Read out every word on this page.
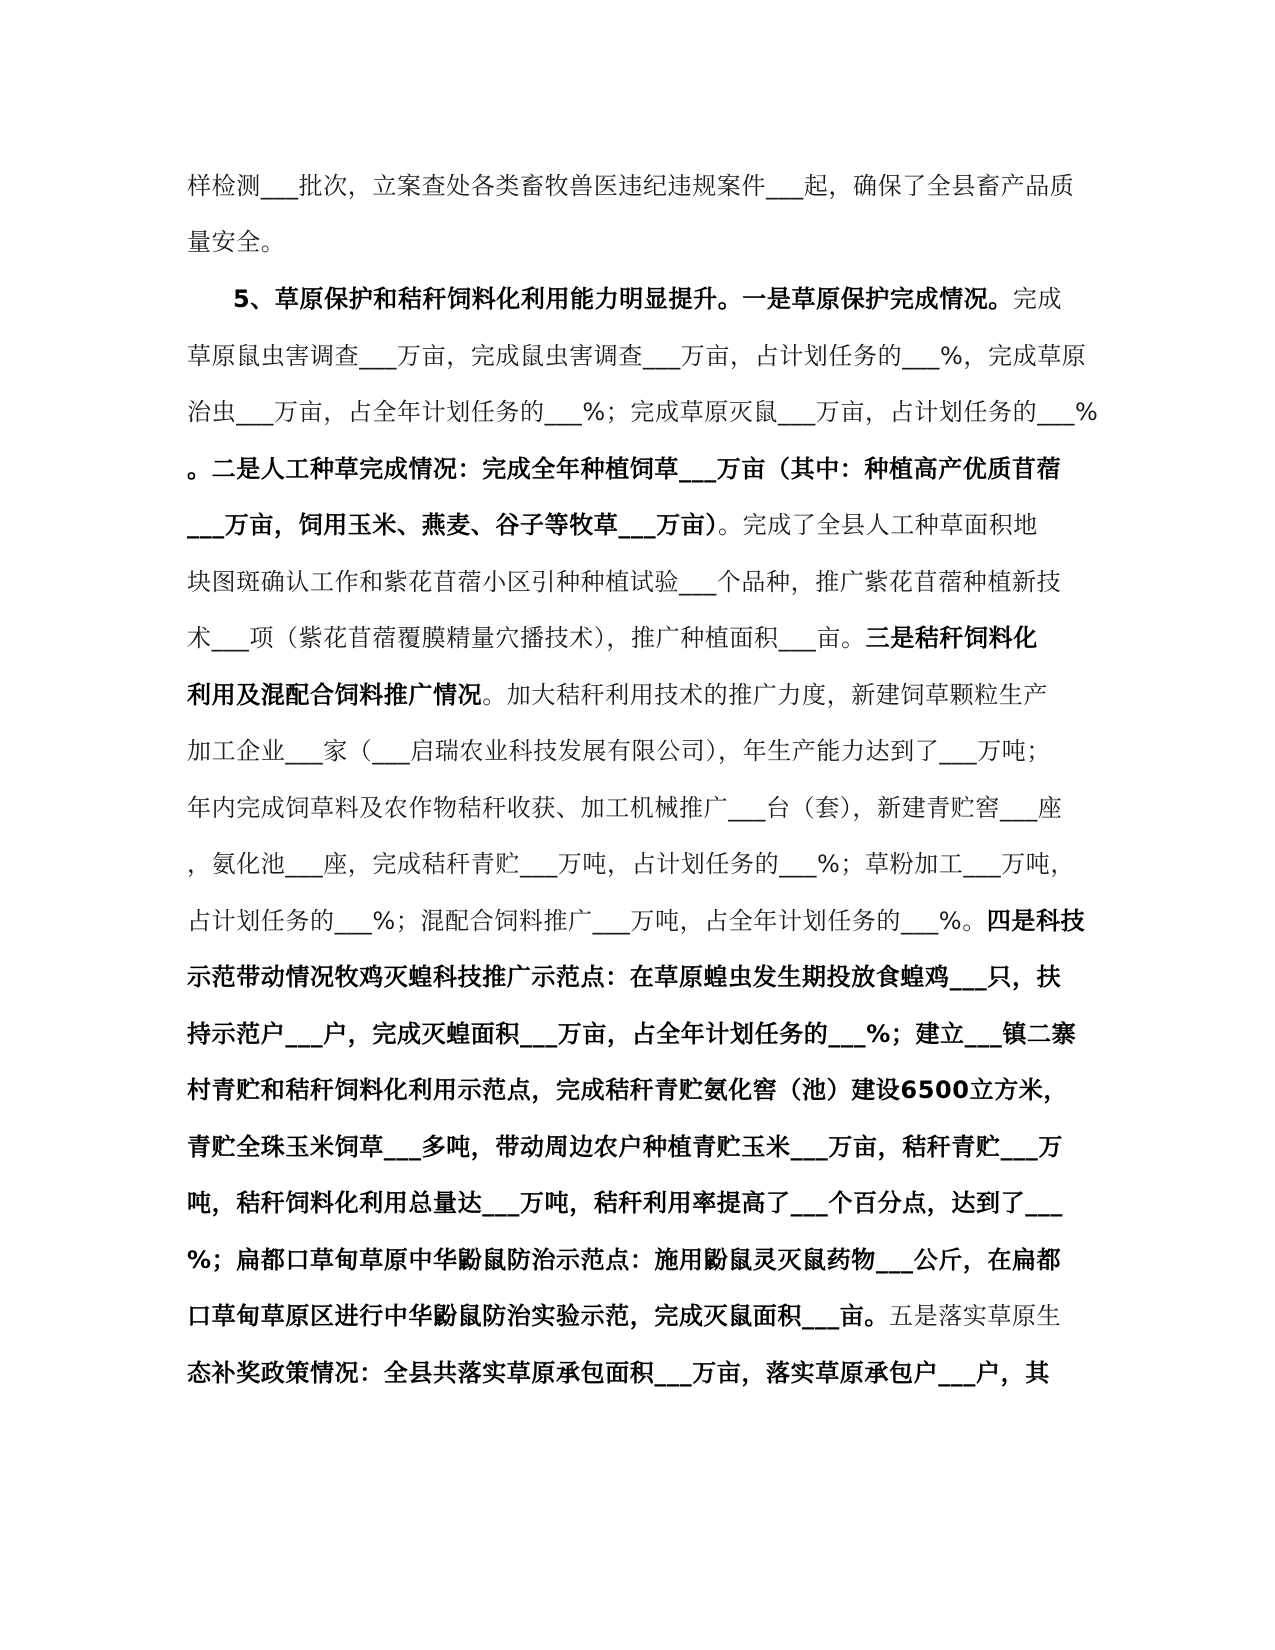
样检测___批次，立案查处各类畜牧兽医违纪违规案件___起，确保了全县畜产品质
量安全。
5、草原保护和秸秆饲料化利用能力明显提升。一是草原保护完成情况。完成
草原鼠虫害调查___万亩，完成鼠虫害调查___万亩，占计划任务的___%，完成草原
治虫___万亩，占全年计划任务的___%；完成草原灭鼠___万亩，占计划任务的___%
。二是人工种草完成情况：完成全年种植饲草___万亩（其中：种植高产优质苜蓿
___万亩，饲用玉米、燕麦、谷子等牧草___万亩）。完成了全县人工种草面积地
块图斑确认工作和紫花苜蓿小区引种种植试验___个品种，推广紫花苜蓿种植新技
术___项（紫花苜蓿覆膜精量穴播技术），推广种植面积___亩。三是秸秆饲料化
利用及混配合饲料推广情况。加大秸秆利用技术的推广力度，新建饲草颗粒生产
加工企业___家（___启瑞农业科技发展有限公司），年生产能力达到了___万吨；
年内完成饲草料及农作物秸秆收获、加工机械推广___台（套），新建青贮窖___座
，氨化池___座，完成秸秆青贮___万吨，占计划任务的___%；草粉加工___万吨，
占计划任务的___%；混配合饲料推广___万吨，占全年计划任务的___%。四是科技
示范带动情况牧鸡灭蝗科技推广示范点：在草原蝗虫发生期投放食蝗鸡___只，扶
持示范户___户，完成灭蝗面积___万亩，占全年计划任务的___%；建立___镇二寨
村青贮和秸秆饲料化利用示范点，完成秸秆青贮氨化窖（池）建设6500立方米，
青贮全珠玉米饲草___多吨，带动周边农户种植青贮玉米___万亩，秸秆青贮___万
吨，秸秆饲料化利用总量达___万吨，秸秆利用率提高了___个百分点，达到了___
%；扁都口草甸草原中华鼢鼠防治示范点：施用鼢鼠灵灭鼠药物___公斤，在扁都
口草甸草原区进行中华鼢鼠防治实验示范，完成灭鼠面积___亩。五是落实草原生
态补奖政策情况：全县共落实草原承包面积___万亩，落实草原承包户___户，其
